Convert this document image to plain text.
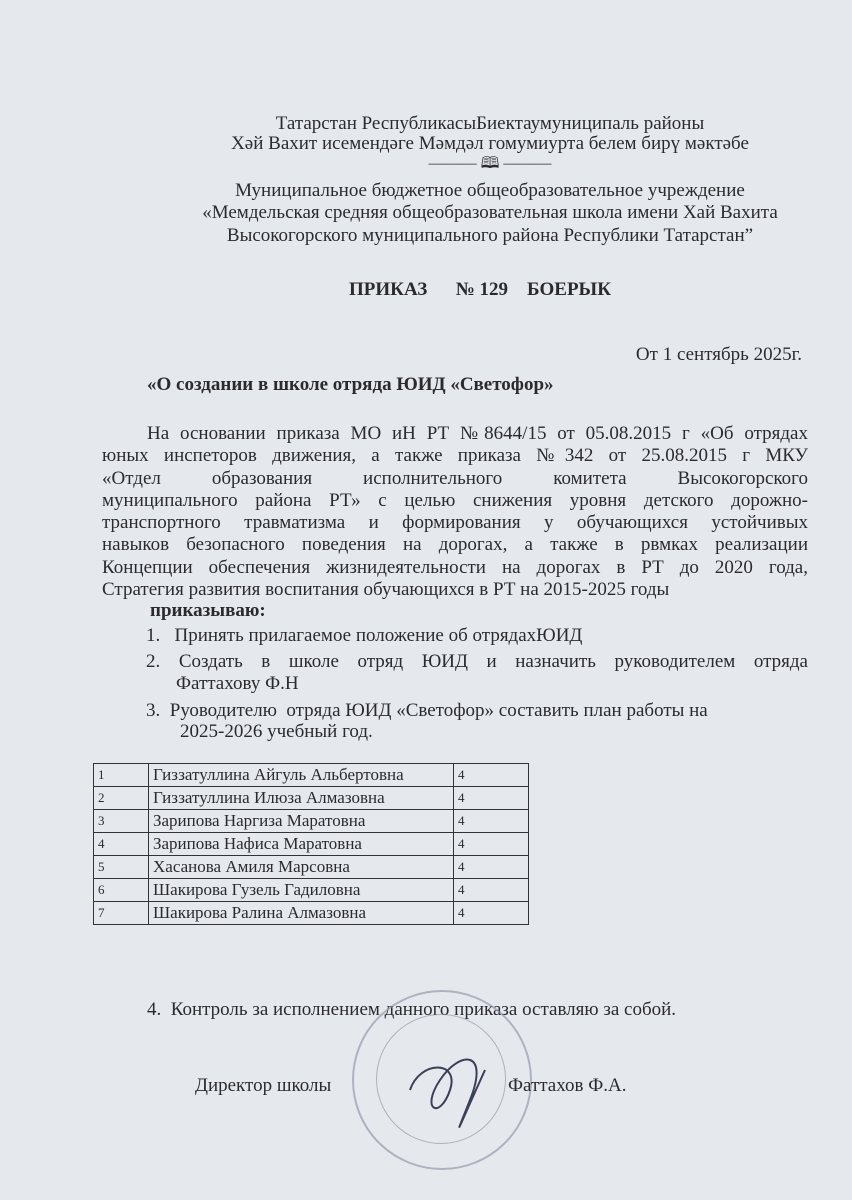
Татарстан РеспубликасыБиектаумуниципаль районы
Хәй Вахит исемендәге Мәмдәл гомумиурта белем бирү мәктәбе
——— 🕮 ———
Муниципальное бюджетное общеобразовательное учреждение
«Мемдельская средняя общеобразовательная школа имени Хай Вахита
Высокогорского муниципального района Республики Татарстан”
ПРИКАЗ      № 129    БОЕРЫК
От 1 сентябрь 2025г.
«О создании в школе отряда ЮИД «Светофор»
На основании приказа МО иН РТ №8644/15 от 05.08.2015 г «Об отрядах
юных инспеторов движения, а также приказа №342 от 25.08.2015 г МКУ
«Отдел образования исполнительного комитета Высокогорского
муниципального района РТ» с целью снижения уровня детского дорожно-
транспортного травматизма и формирования у обучающихся устойчивых
навыков безопасного поведения на дорогах, а также в рвмках реализации
Концепции обеспечения жизнидеятельности на дорогах в РТ до 2020 года,
Стратегия развития воспитания обучающихся в РТ на 2015-2025 годы
приказываю:
1.   Принять прилагаемое положение об отрядахЮИД
2. Создать в школе отряд ЮИД и назначить руководителем отряда
Фаттахову Ф.Н
3.  Руоводителю  отряда ЮИД «Светофор» составить план работы на
2025-2026 учебный год.
1	Гиззатуллина Айгуль Альбертовна	4
2	Гиззатуллина Илюза Алмазовна	4
3	Зарипова Наргиза Маратовна	4
4	Зарипова Нафиса Маратовна	4
5	Хасанова Амиля Марсовна	4
6	Шакирова Гузель Гадиловна	4
7	Шакирова Ралина Алмазовна	4
4.  Контроль за исполнением данного приказа оставляю за собой.
Директор школы	Фаттахов Ф.А.
